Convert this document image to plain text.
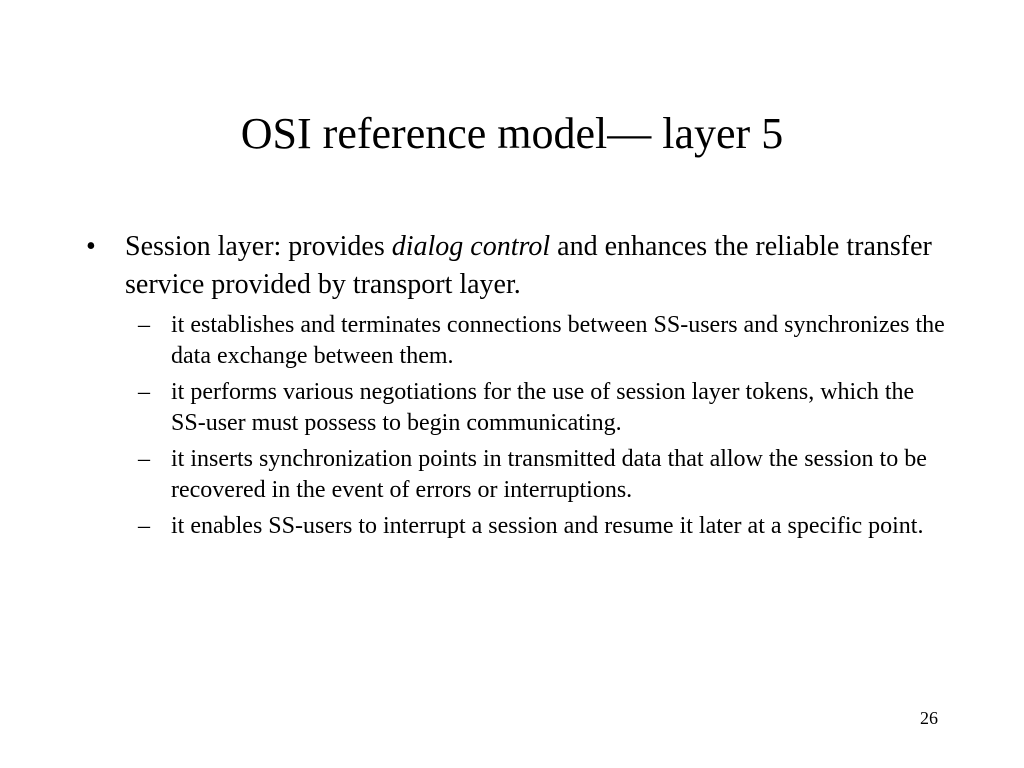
OSI reference model— layer 5

• Session layer: provides dialog control and enhances the reliable transfer service provided by transport layer.

– it establishes and terminates connections between SS-users and synchronizes the data exchange between them.
– it performs various negotiations for the use of session layer tokens, which the SS-user must possess to begin communicating.
– it inserts synchronization points in transmitted data that allow the session to be recovered in the event of errors or interruptions.
– it enables SS-users to interrupt a session and resume it later at a specific point.
26
